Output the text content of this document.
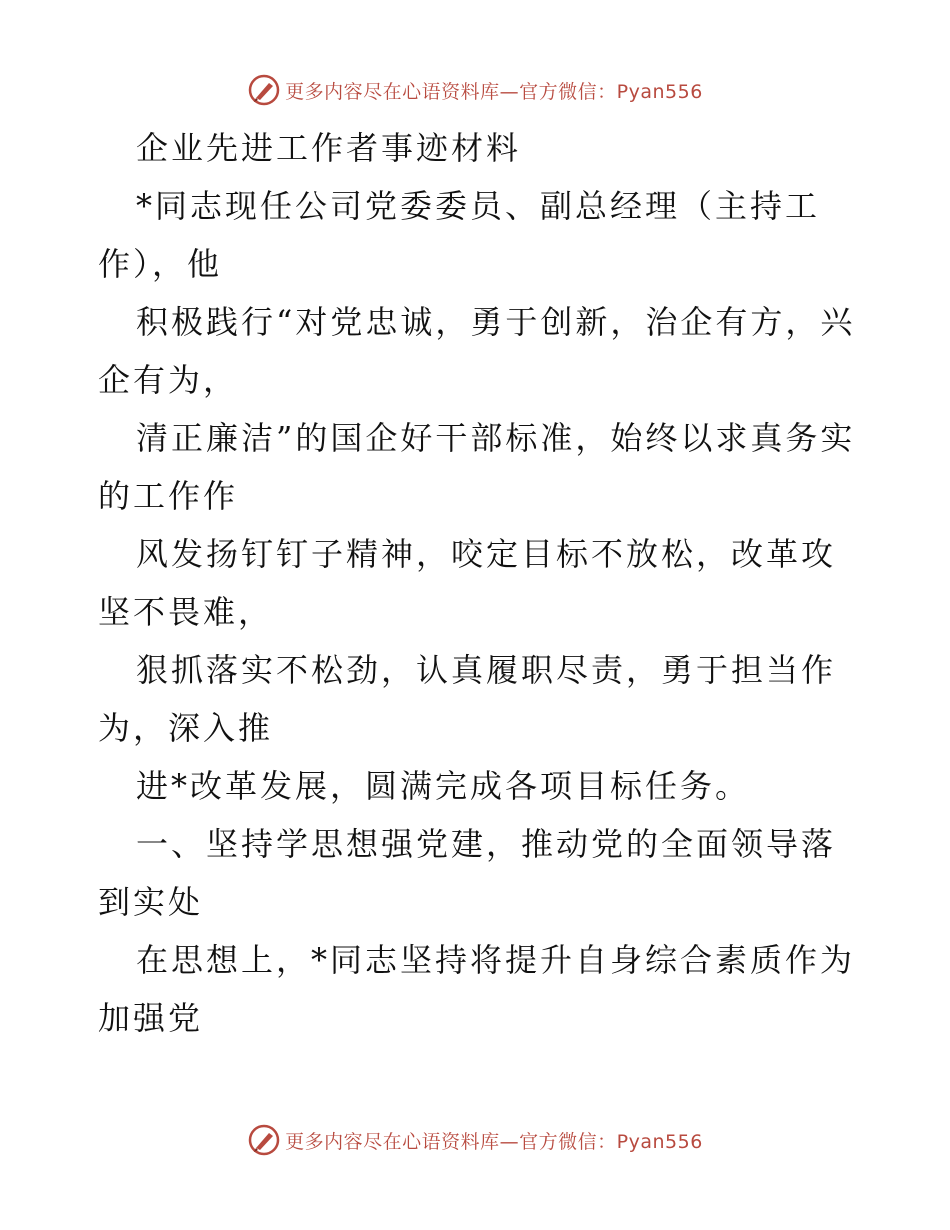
更多内容尽在心语资料库—官方微信：Pyan556

企业先进工作者事迹材料

*同志现任公司党委委员、副总经理（主持工作），他

积极践行“对党忠诚，勇于创新，治企有方，兴企有为，

清正廉洁”的国企好干部标准，始终以求真务实的工作作

风发扬钉钉子精神，咬定目标不放松，改革攻坚不畏难，

狠抓落实不松劲，认真履职尽责，勇于担当作为，深入推

进*改革发展，圆满完成各项目标任务。

一、坚持学思想强党建，推动党的全面领导落到实处

在思想上，*同志坚持将提升自身综合素质作为加强党

更多内容尽在心语资料库—官方微信：Pyan556
